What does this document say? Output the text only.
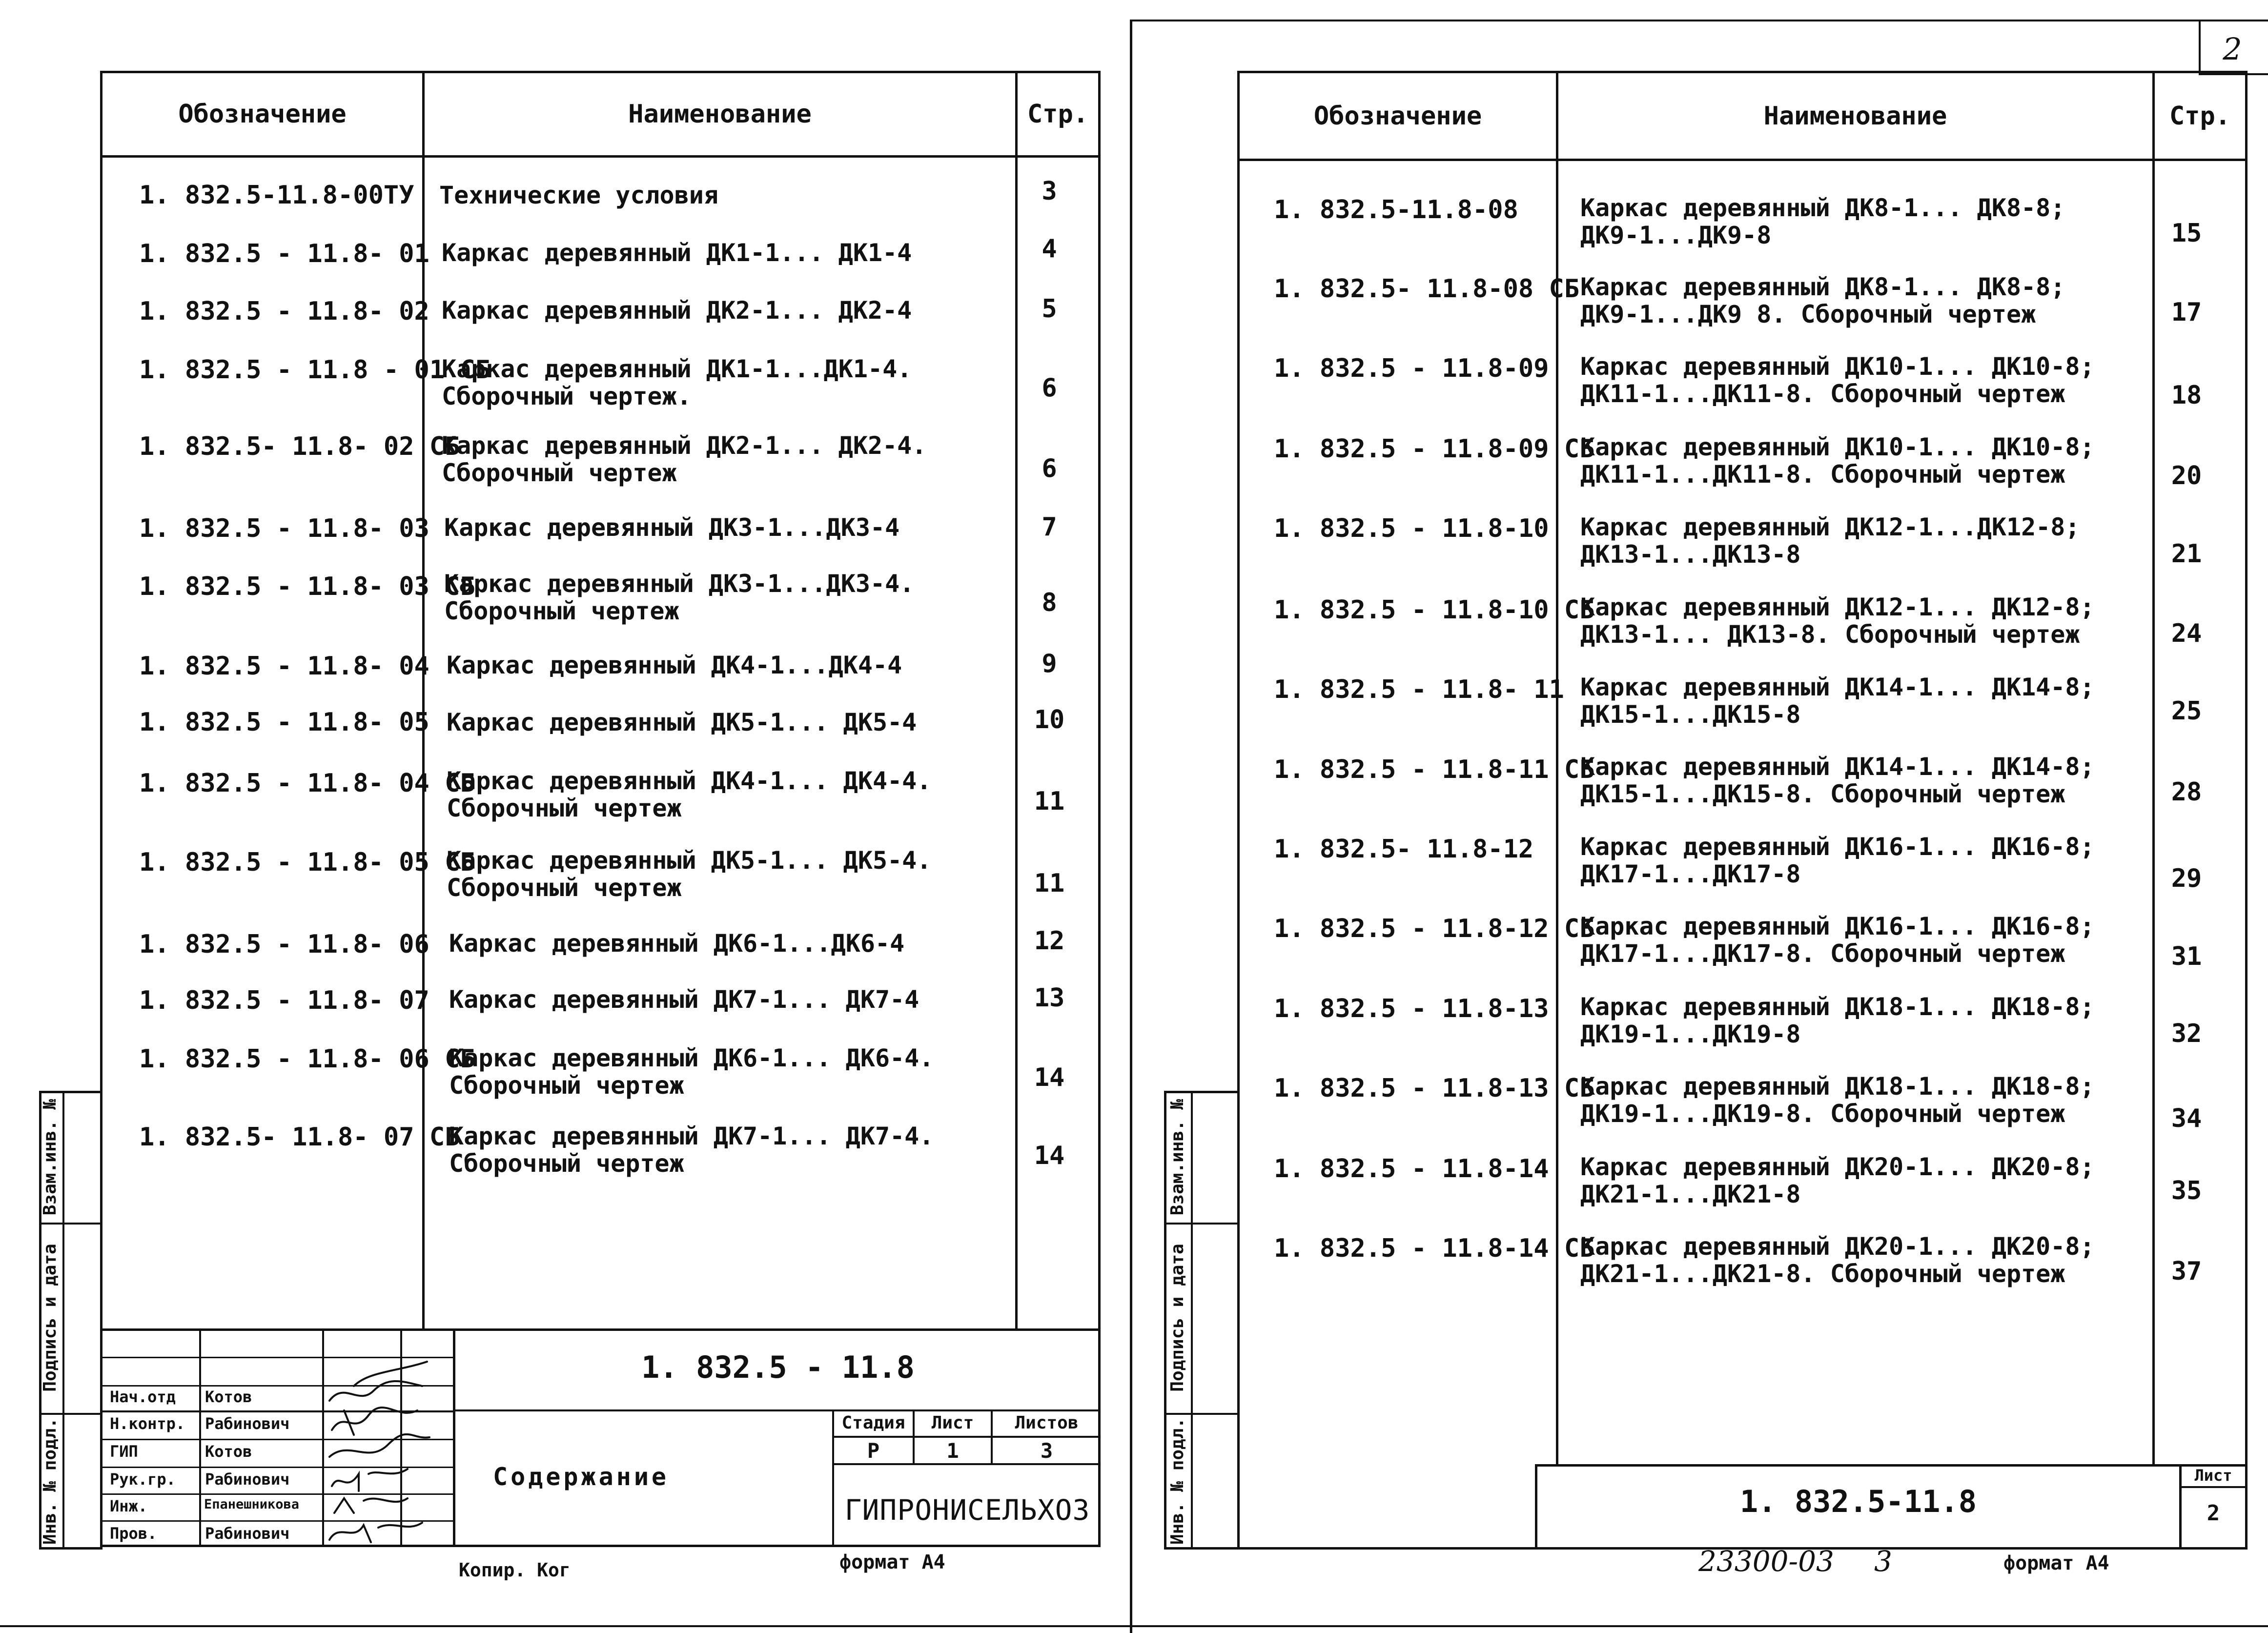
2
Обозначение	Наименование	Стр.
1. 832.5-11.8-00ТУ Технические условия	3
1. 832.5 - 11.8- 01 Каркас деревянный ДК1-1... ДК1-4	4
1. 832.5 - 11.8- 02 Каркас деревянный ДК2-1... ДК2-4	5
1. 832.5 - 11.8 - 01 СБ
Каркас деревянный ДК1-1...ДК1-4.
Сборочный чертеж.	6
1. 832.5- 11.8- 02 СБ
Каркас деревянный ДК2-1... ДК2-4.
Сборочный чертеж	6
1. 832.5 - 11.8- 03 Каркас деревянный ДК3-1...ДК3-4	7
1. 832.5 - 11.8- 03 СБ
Каркас деревянный ДК3-1...ДК3-4.
Сборочный чертеж	8
1. 832.5 - 11.8- 04 Каркас деревянный ДК4-1...ДК4-4	9
1. 832.5 - 11.8- 05 Каркас деревянный ДК5-1... ДК5-4	10
1. 832.5 - 11.8- 04 СБ
Каркас деревянный ДК4-1... ДК4-4.
Сборочный чертеж	11
1. 832.5 - 11.8- 05 СБ
Каркас деревянный ДК5-1... ДК5-4.
Сборочный чертеж	11
1. 832.5 - 11.8- 06 Каркас деревянный ДК6-1...ДК6-4	12
1. 832.5 - 11.8- 07 Каркас деревянный ДК7-1... ДК7-4	13
1. 832.5 - 11.8- 06 СБ
Каркас деревянный ДК6-1... ДК6-4.
Сборочный чертеж	14
1. 832.5- 11.8- 07 СБ
Каркас деревянный ДК7-1... ДК7-4.
Сборочный чертеж	14
Взам.инв. №
Подпись и дата
Инв. № подл.
Нач.отд Котов
Н.контр. Рабинович
ГИП	Котов
Рук.гр. Рабинович
Инж.	Епанешникова
Пров.	Рабинович
1. 832.5 - 11.8
Содержание
Стадия	Лист	Листов
Р	1	3
ГИПРОНИСЕЛЬХОЗ
Копир. Ког	формат А4
Обозначение	Наименование	Стр.
1. 832.5-11.8-08	Каркас деревянный ДК8-1... ДК8-8;
ДК9-1...ДК9-8	15
1. 832.5- 11.8-08 СБ Каркас деревянный ДК8-1... ДК8-8;
ДК9-1...ДК9 8. Сборочный чертеж	17
1. 832.5 - 11.8-09 Каркас деревянный ДК10-1... ДК10-8;
ДК11-1...ДК11-8. Сборочный чертеж	18
1. 832.5 - 11.8-09 СБ
Каркас деревянный ДК10-1... ДК10-8;
ДК11-1...ДК11-8. Сборочный чертеж	20
1. 832.5 - 11.8-10 Каркас деревянный ДК12-1...ДК12-8;
ДК13-1...ДК13-8	21
1. 832.5 - 11.8-10 СБ
Каркас деревянный ДК12-1... ДК12-8;
ДК13-1... ДК13-8. Сборочный чертеж	24
1. 832.5 - 11.8- 11 Каркас деревянный ДК14-1... ДК14-8;
ДК15-1...ДК15-8	25
1. 832.5 - 11.8-11 СБ
Каркас деревянный ДК14-1... ДК14-8;
ДК15-1...ДК15-8. Сборочный чертеж	28
1. 832.5- 11.8-12 Каркас деревянный ДК16-1... ДК16-8;
ДК17-1...ДК17-8	29
1. 832.5 - 11.8-12 СБ
Каркас деревянный ДК16-1... ДК16-8;
ДК17-1...ДК17-8. Сборочный чертеж	31
1. 832.5 - 11.8-13 Каркас деревянный ДК18-1... ДК18-8;
ДК19-1...ДК19-8	32
1. 832.5 - 11.8-13 СБ
Каркас деревянный ДК18-1... ДК18-8;
ДК19-1...ДК19-8. Сборочный чертеж	34
1. 832.5 - 11.8-14 Каркас деревянный ДК20-1... ДК20-8;
ДК21-1...ДК21-8	35
1. 832.5 - 11.8-14 СБ
Каркас деревянный ДК20-1... ДК20-8;
ДК21-1...ДК21-8. Сборочный чертеж	37
Взам.инв. №
Подпись и дата
Инв. № подл.	1. 832.5-11.8
Лист
2
23300-03 3	формат А4
